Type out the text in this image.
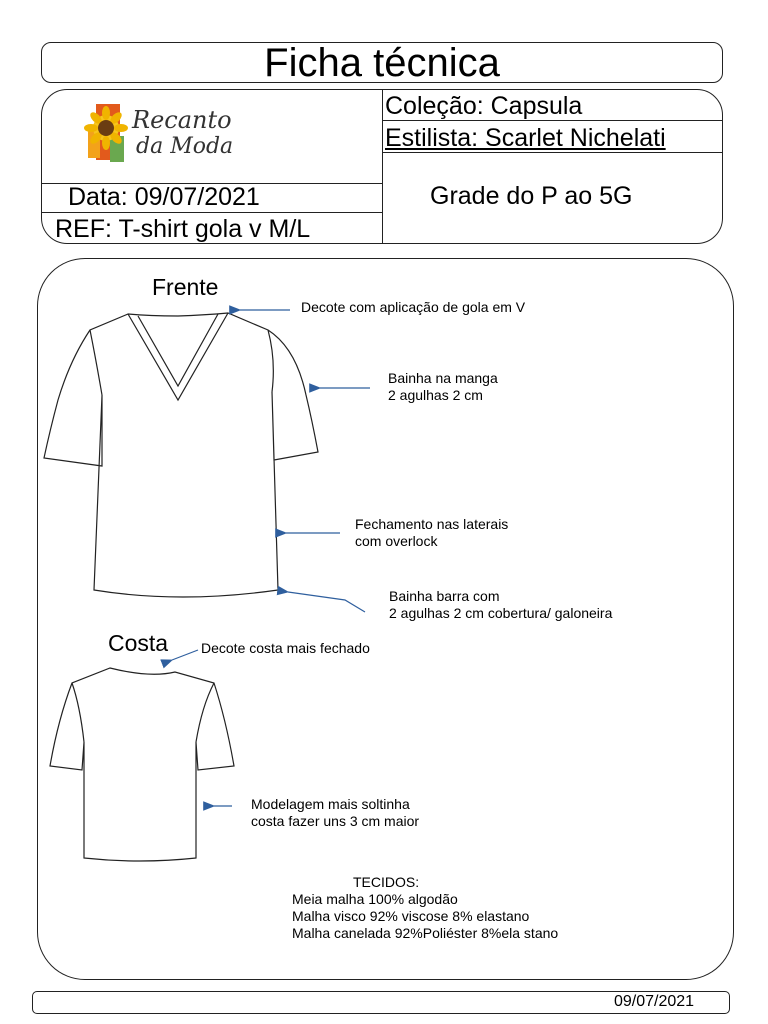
Ficha técnica
Recanto
da Moda
Coleção: Capsula
Estilista: Scarlet Nichelati
Grade do P ao 5G
Data: 09/07/2021
REF: T-shirt gola v M/L
Frente
Costa
Decote com aplicação de gola em V
Bainha na manga
2 agulhas 2 cm
Fechamento nas laterais
com overlock
Bainha barra com
2 agulhas 2 cm cobertura/ galoneira
Decote costa mais fechado
Modelagem mais soltinha
costa fazer uns 3 cm maior
TECIDOS:
Meia malha 100% algodão
Malha visco 92% viscose 8% elastano
Malha canelada 92%Poliéster 8%ela stano
09/07/2021
